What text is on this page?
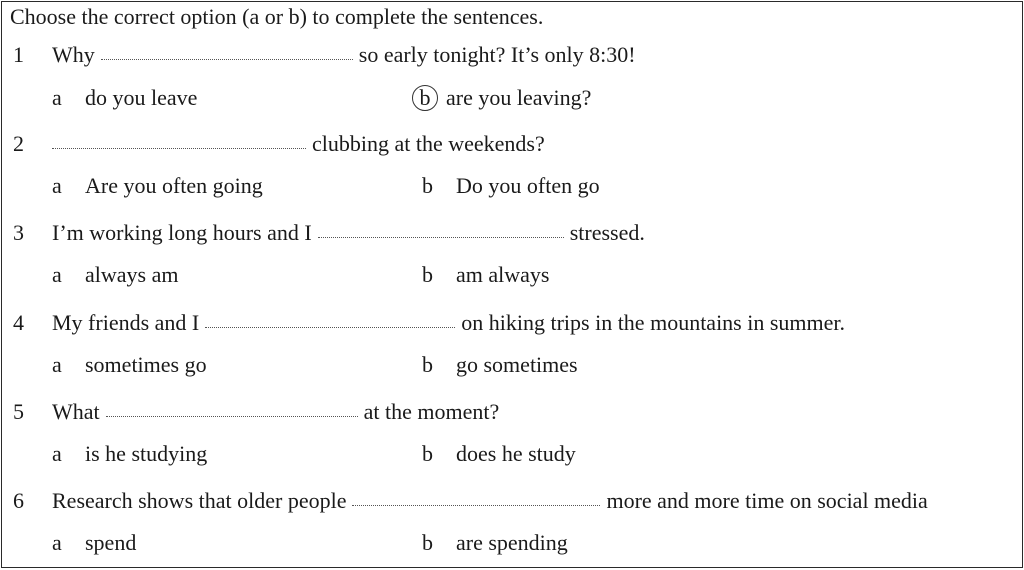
Choose the correct option (a or b) to complete the sentences.
1 Why	so early tonight? It’s only 8:30!
a do you leave	b are you leaving?
2	clubbing at the weekends?
a Are you often going	b Do you often go
3 I’m working long hours and I	stressed.
a always am	b am always
4 My friends and I	on hiking trips in the mountains in summer.
a sometimes go	b go sometimes
5 What	at the moment?
a is he studying	b does he study
6 Research shows that older people	more and more time on social media
a spend	b are spending
